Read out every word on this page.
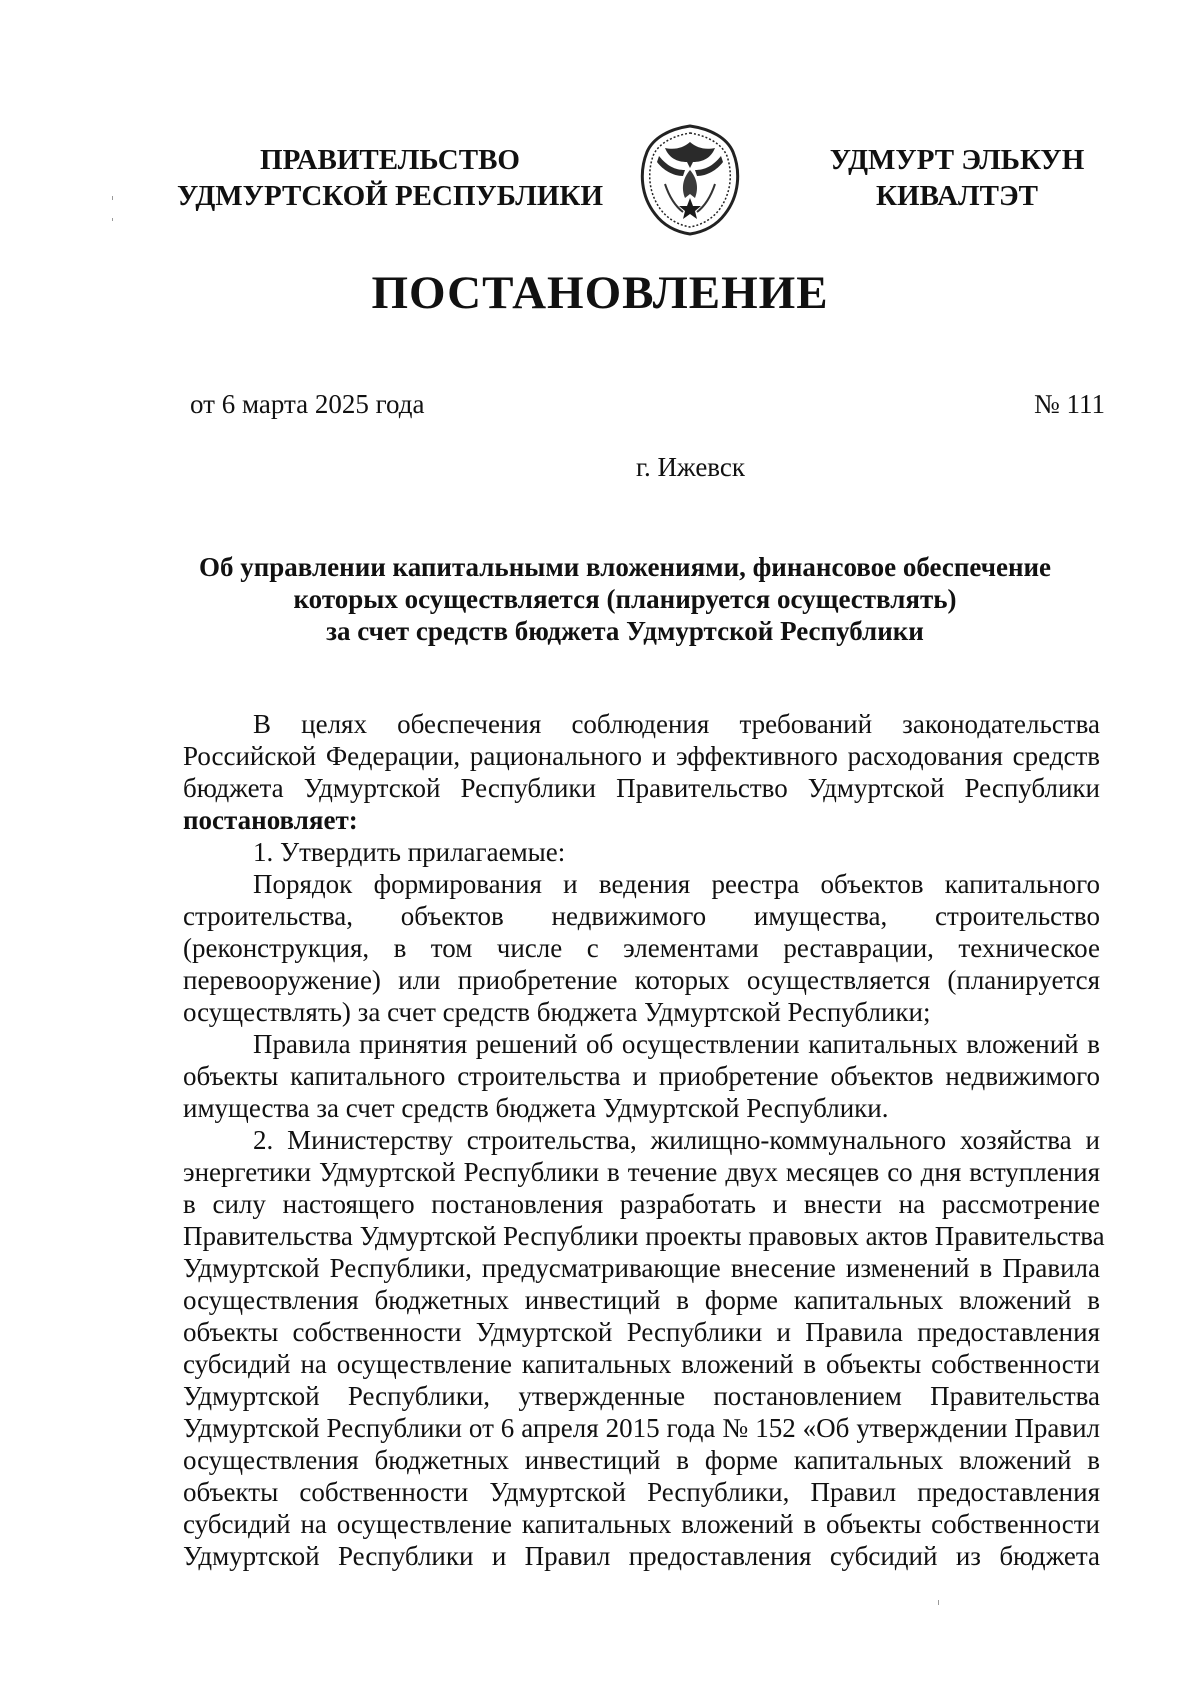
ПРАВИТЕЛЬСТВО
УДМУРТСКОЙ РЕСПУБЛИКИ
УДМУРТ ЭЛЬКУН
КИВАЛТЭТ
ПОСТАНОВЛЕНИЕ
от 6 марта 2025 года	№ 111
г. Ижевск
Об управлении капитальными вложениями, финансовое обеспечение
которых осуществляется (планируется осуществлять)
за счет средств бюджета Удмуртской Республики
В целях обеспечения соблюдения требований законодательства
Российской Федерации, рационального и эффективного расходования средств
бюджета Удмуртской Республики Правительство Удмуртской Республики
постановляет:
1. Утвердить прилагаемые:
Порядок формирования и ведения реестра объектов капитального
строительства, объектов недвижимого имущества, строительство
(реконструкция, в том числе с элементами реставрации, техническое
перевооружение) или приобретение которых осуществляется (планируется
осуществлять) за счет средств бюджета Удмуртской Республики;
Правила принятия решений об осуществлении капитальных вложений в
объекты капитального строительства и приобретение объектов недвижимого
имущества за счет средств бюджета Удмуртской Республики.
2. Министерству строительства, жилищно-коммунального хозяйства и
энергетики Удмуртской Республики в течение двух месяцев со дня вступления
в силу настоящего постановления разработать и внести на рассмотрение
Правительства Удмуртской Республики проекты правовых актов Правительства
Удмуртской Республики, предусматривающие внесение изменений в Правила
осуществления бюджетных инвестиций в форме капитальных вложений в
объекты собственности Удмуртской Республики и Правила предоставления
субсидий на осуществление капитальных вложений в объекты собственности
Удмуртской Республики, утвержденные постановлением Правительства
Удмуртской Республики от 6 апреля 2015 года № 152 «Об утверждении Правил
осуществления бюджетных инвестиций в форме капитальных вложений в
объекты собственности Удмуртской Республики, Правил предоставления
субсидий на осуществление капитальных вложений в объекты собственности
Удмуртской Республики и Правил предоставления субсидий из бюджета
